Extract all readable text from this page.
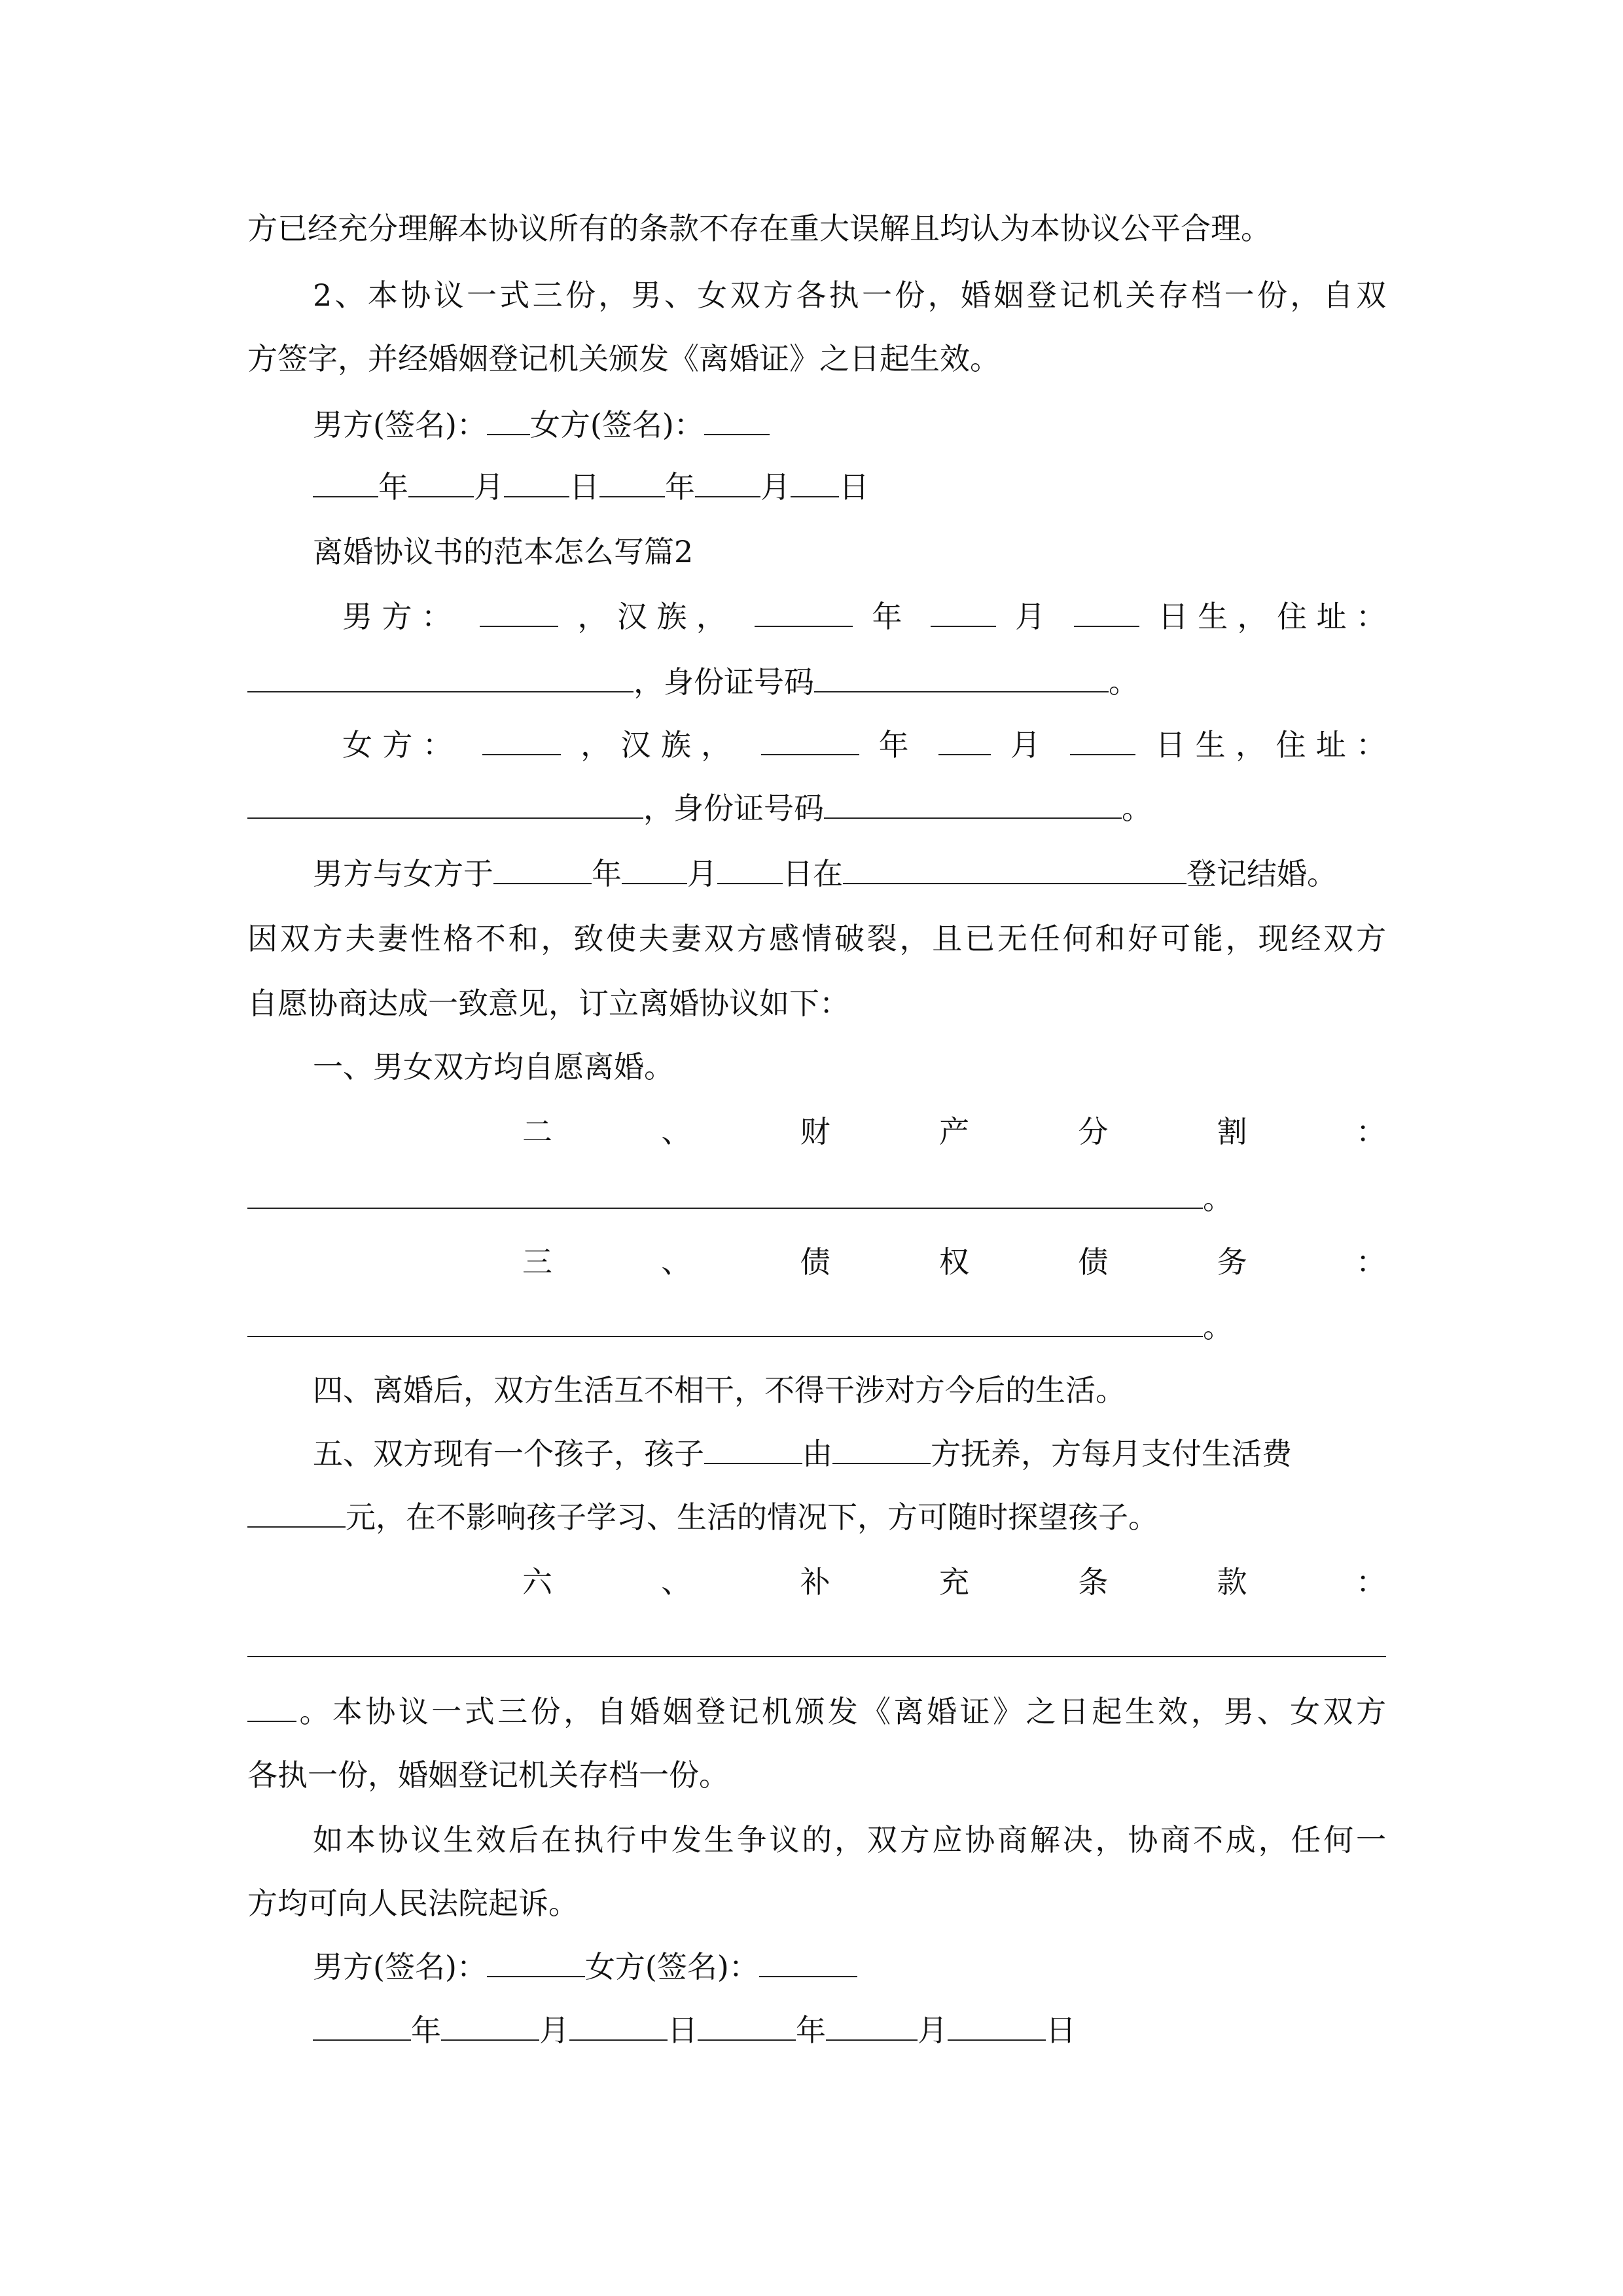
方已经充分理解本协议所有的条款不存在重大误解且均认为本协议公平合理。
2、本协议一式三份，男、女双方各执一份，婚姻登记机关存档一份，自双
方签字，并经婚姻登记机关颁发《离婚证》之日起生效。
男方(签名)： 女方(签名)：
年 月 日 年 月 日
离婚协议书的范本怎么写篇2
男方：	，汉族，	年	月	日生，住址：
，身份证号码	。
女方：	，汉族，	年	月	日生，住址：
，身份证号码	。
男方与女方于	年 月 日在	登记结婚。
因双方夫妻性格不和，致使夫妻双方感情破裂，且已无任何和好可能，现经双方
自愿协商达成一致意见，订立离婚协议如下：
一、男女双方均自愿离婚。
二、财产分割：
。
三、债权债务：
。
四、离婚后，双方生活互不相干，不得干涉对方今后的生活。
五、双方现有一个孩子，孩子	由	方抚养，方每月支付生活费
元，在不影响孩子学习、生活的情况下，方可随时探望孩子。
六、补充条款：
。本协议一式三份，自婚姻登记机颁发《离婚证》之日起生效，男、女双方
各执一份，婚姻登记机关存档一份。
如本协议生效后在执行中发生争议的，双方应协商解决，协商不成，任何一
方均可向人民法院起诉。
男方(签名)：	女方(签名)：
年	月	日	年	月	日
